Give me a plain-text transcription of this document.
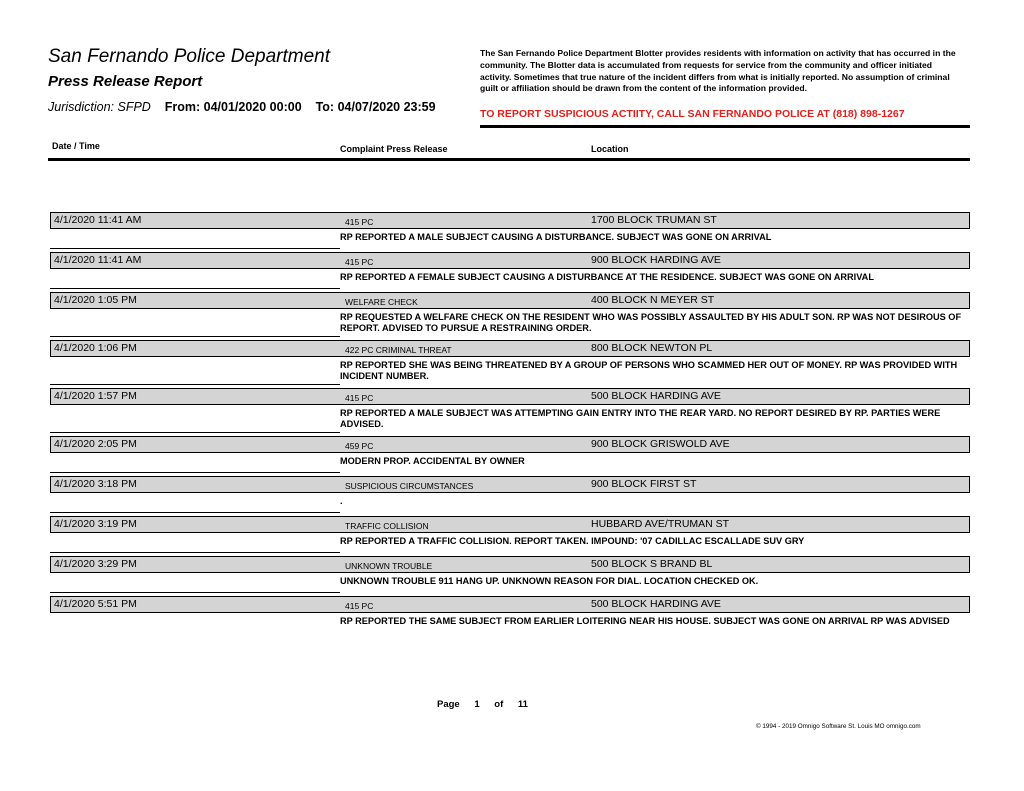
San Fernando Police Department
Press Release Report
Jurisdiction: SFPD From: 04/01/2020 00:00 To: 04/07/2020 23:59
The San Fernando Police Department Blotter provides residents with information on activity that has occurred in the community. The Blotter data is accumulated from requests for service from the community and officer initiated activity. Sometimes that true nature of the incident differs from what is initially reported. No assumption of criminal guilt or affiliation should be drawn from the content of the information provided.
TO REPORT SUSPICIOUS ACTIITY, CALL SAN FERNANDO POLICE AT (818) 898-1267
Date / Time	Complaint Press Release	Location
4/1/2020 11:41 AM	415 PC	1700 BLOCK TRUMAN ST
RP REPORTED A MALE SUBJECT CAUSING A DISTURBANCE. SUBJECT WAS GONE ON ARRIVAL
4/1/2020 11:41 AM	415 PC	900 BLOCK HARDING AVE
RP REPORTED A FEMALE SUBJECT CAUSING A DISTURBANCE AT THE RESIDENCE. SUBJECT WAS GONE ON ARRIVAL
4/1/2020 1:05 PM	WELFARE CHECK	400 BLOCK N MEYER ST
RP REQUESTED A WELFARE CHECK ON THE RESIDENT WHO WAS POSSIBLY ASSAULTED BY HIS ADULT SON. RP WAS NOT DESIROUS OF REPORT. ADVISED TO PURSUE A RESTRAINING ORDER.
4/1/2020 1:06 PM	422 PC CRIMINAL THREAT	800 BLOCK NEWTON PL
RP REPORTED SHE WAS BEING THREATENED BY A GROUP OF PERSONS WHO SCAMMED HER OUT OF MONEY. RP WAS PROVIDED WITH INCIDENT NUMBER.
4/1/2020 1:57 PM	415 PC	500 BLOCK HARDING AVE
RP REPORTED A MALE SUBJECT WAS ATTEMPTING GAIN ENTRY INTO THE REAR YARD. NO REPORT DESIRED BY RP. PARTIES WERE ADVISED.
4/1/2020 2:05 PM	459 PC	900 BLOCK GRISWOLD AVE
MODERN PROP. ACCIDENTAL BY OWNER
4/1/2020 3:18 PM	SUSPICIOUS CIRCUMSTANCES	900 BLOCK FIRST ST
.
4/1/2020 3:19 PM	TRAFFIC COLLISION	HUBBARD AVE/TRUMAN ST
RP REPORTED A TRAFFIC COLLISION. REPORT TAKEN. IMPOUND: '07 CADILLAC ESCALLADE SUV GRY
4/1/2020 3:29 PM	UNKNOWN TROUBLE	500 BLOCK S BRAND BL
UNKNOWN TROUBLE 911 HANG UP. UNKNOWN REASON FOR DIAL. LOCATION CHECKED OK.
4/1/2020 5:51 PM	415 PC	500 BLOCK HARDING AVE
RP REPORTED THE SAME SUBJECT FROM EARLIER LOITERING NEAR HIS HOUSE. SUBJECT WAS GONE ON ARRIVAL RP WAS ADVISED
Page 1 of 11
© 1994 - 2019 Omnigo Software St. Louis MO omnigo.com
